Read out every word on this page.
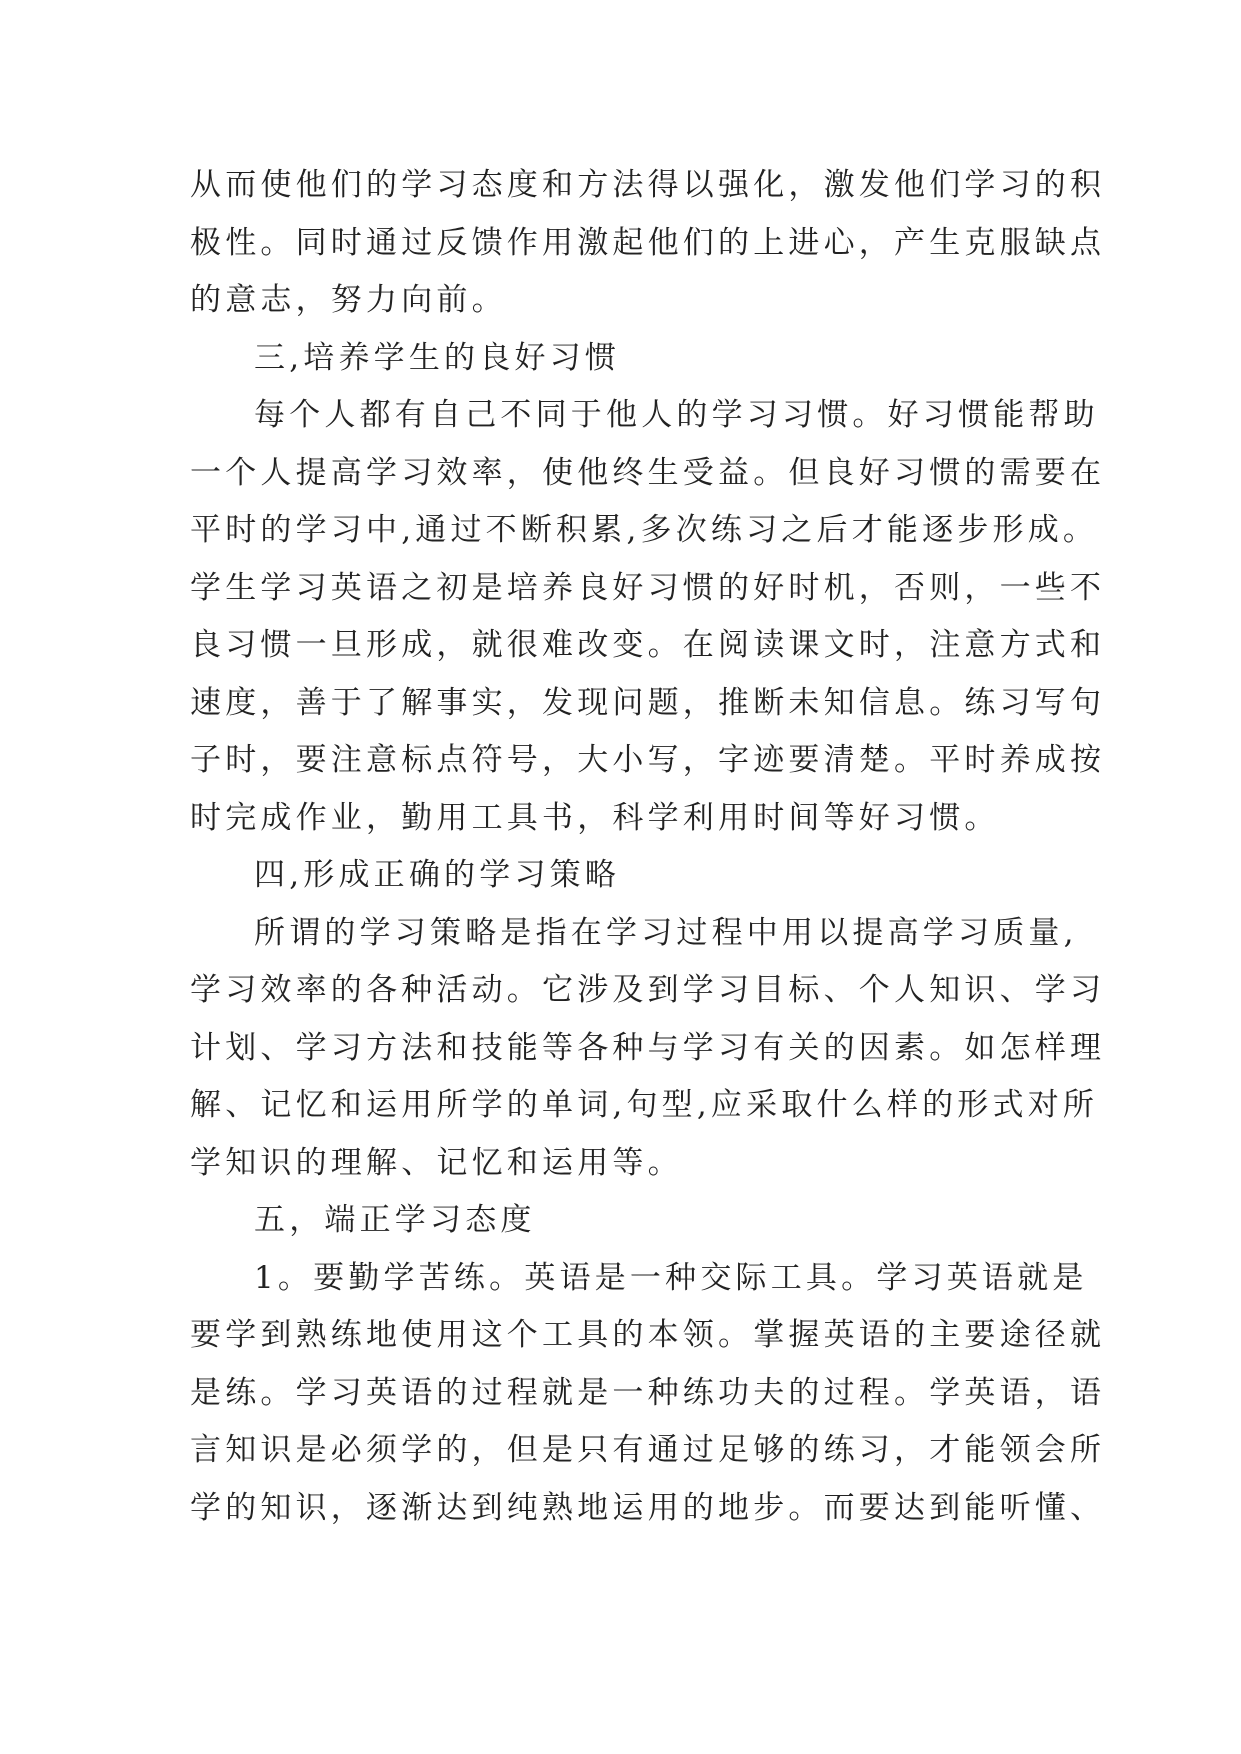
从而使他们的学习态度和方法得以强化，激发他们学习的积
极性。同时通过反馈作用激起他们的上进心，产生克服缺点
的意志，努力向前。
三,培养学生的良好习惯
每个人都有自己不同于他人的学习习惯。好习惯能帮助
一个人提高学习效率，使他终生受益。但良好习惯的需要在
平时的学习中,通过不断积累,多次练习之后才能逐步形成。
学生学习英语之初是培养良好习惯的好时机，否则，一些不
良习惯一旦形成，就很难改变。在阅读课文时，注意方式和
速度，善于了解事实，发现问题，推断未知信息。练习写句
子时，要注意标点符号，大小写，字迹要清楚。平时养成按
时完成作业，勤用工具书，科学利用时间等好习惯。
四,形成正确的学习策略
所谓的学习策略是指在学习过程中用以提高学习质量,
学习效率的各种活动。它涉及到学习目标、个人知识、学习
计划、学习方法和技能等各种与学习有关的因素。如怎样理
解、记忆和运用所学的单词,句型,应采取什么样的形式对所
学知识的理解、记忆和运用等。
五，端正学习态度
1。要勤学苦练。英语是一种交际工具。学习英语就是
要学到熟练地使用这个工具的本领。掌握英语的主要途径就
是练。学习英语的过程就是一种练功夫的过程。学英语，语
言知识是必须学的，但是只有通过足够的练习，才能领会所
学的知识，逐渐达到纯熟地运用的地步。而要达到能听懂、
